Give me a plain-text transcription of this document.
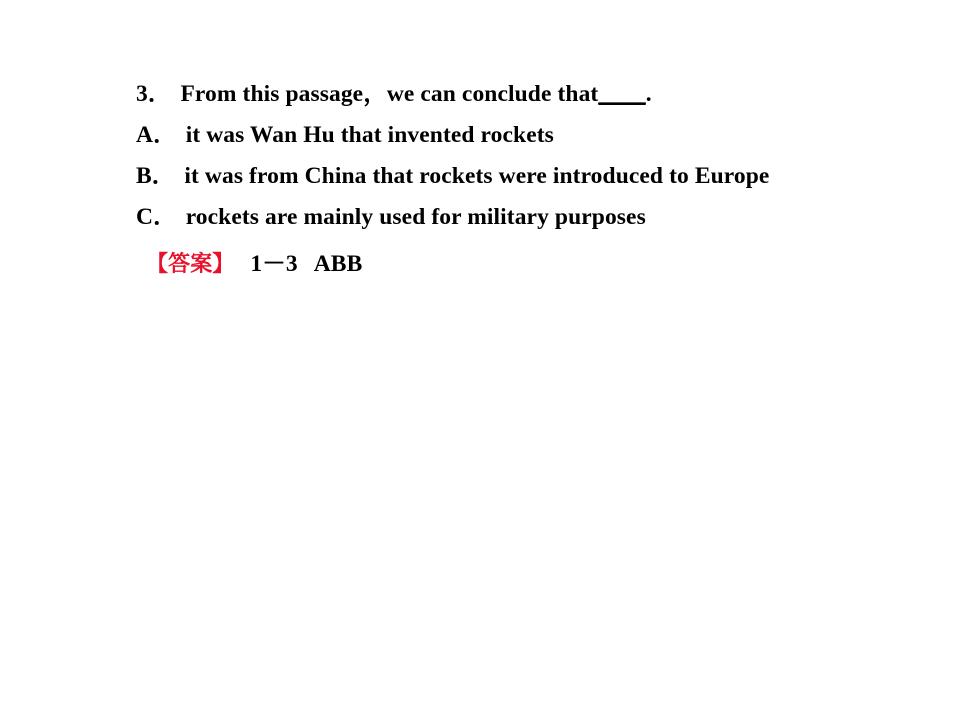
3． From this passage，we can conclude that____.
A． it was Wan Hu that invented rockets
B． it was from China that rockets were introduced to Europe
C． rockets are mainly used for military purposes
【答案】 1－3 ABB
